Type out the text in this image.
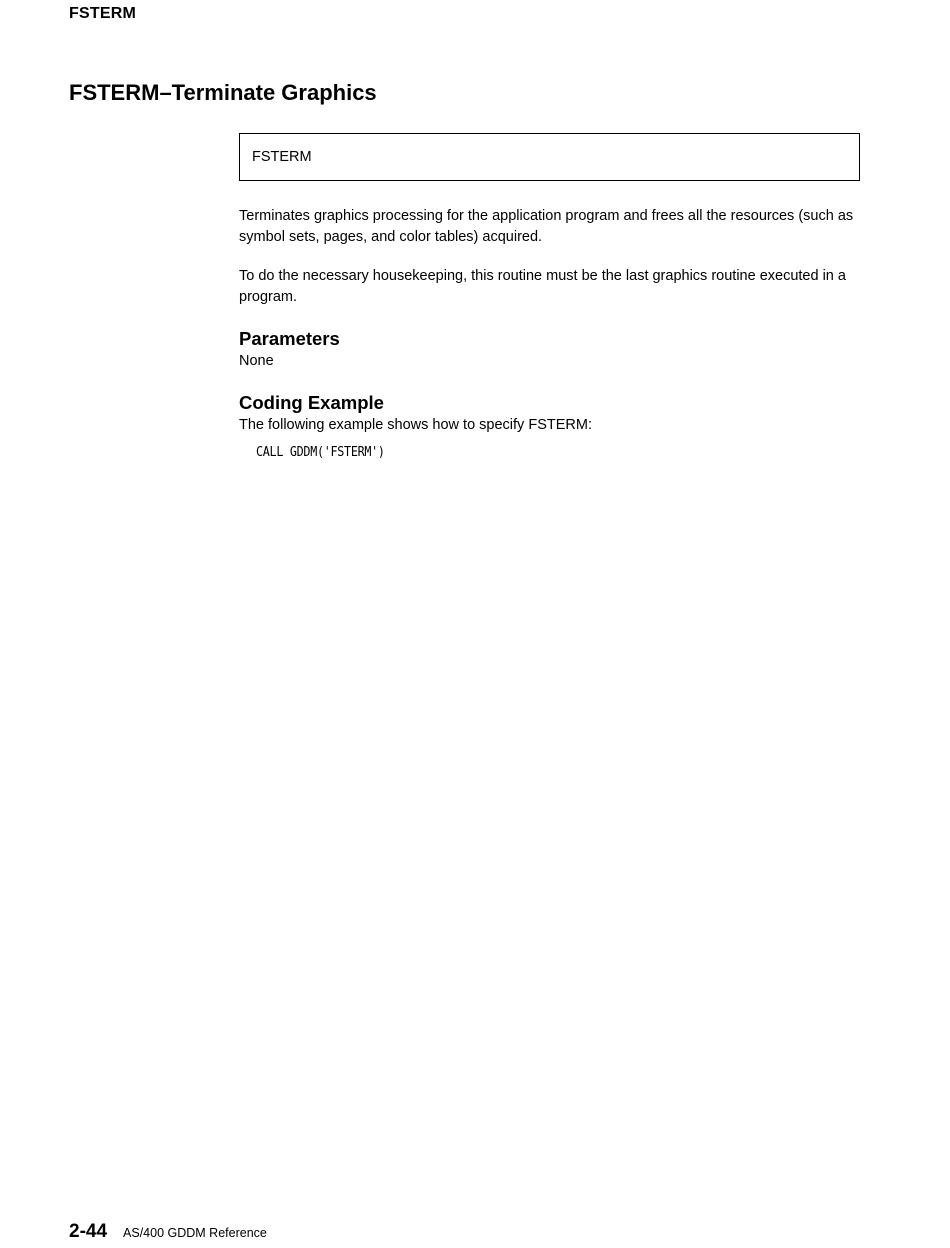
FSTERM
FSTERM–Terminate Graphics
FSTERM

Terminates graphics processing for the application program and frees all the resources (such as symbol sets, pages, and color tables) acquired.

To do the necessary housekeeping, this routine must be the last graphics routine executed in a program.

Parameters

None

Coding Example

The following example shows how to specify FSTERM:

CALL GDDM('FSTERM')
2-44 AS/400 GDDM Reference
